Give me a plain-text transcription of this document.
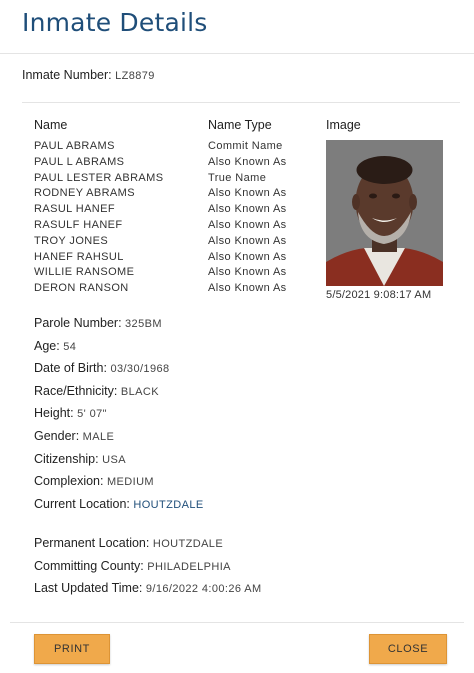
Inmate Details
Inmate Number: LZ8879
Name	Name Type
PAUL ABRAMS	Commit Name
PAUL L ABRAMS	Also Known As
PAUL LESTER ABRAMS	True Name
RODNEY ABRAMS	Also Known As
RASUL HANEF	Also Known As
RASULF HANEF	Also Known As
TROY JONES	Also Known As
HANEF RAHSUL	Also Known As
WILLIE RANSOME	Also Known As
DERON RANSON	Also Known As
Image
5/5/2021 9:08:17 AM
Parole Number: 325BM
Age: 54
Date of Birth: 03/30/1968
Race/Ethnicity: BLACK
Height: 5' 07"
Gender: MALE
Citizenship: USA
Complexion: MEDIUM
Current Location: HOUTZDALE
Permanent Location: HOUTZDALE
Committing County: PHILADELPHIA
Last Updated Time: 9/16/2022 4:00:26 AM
PRINT	CLOSE
